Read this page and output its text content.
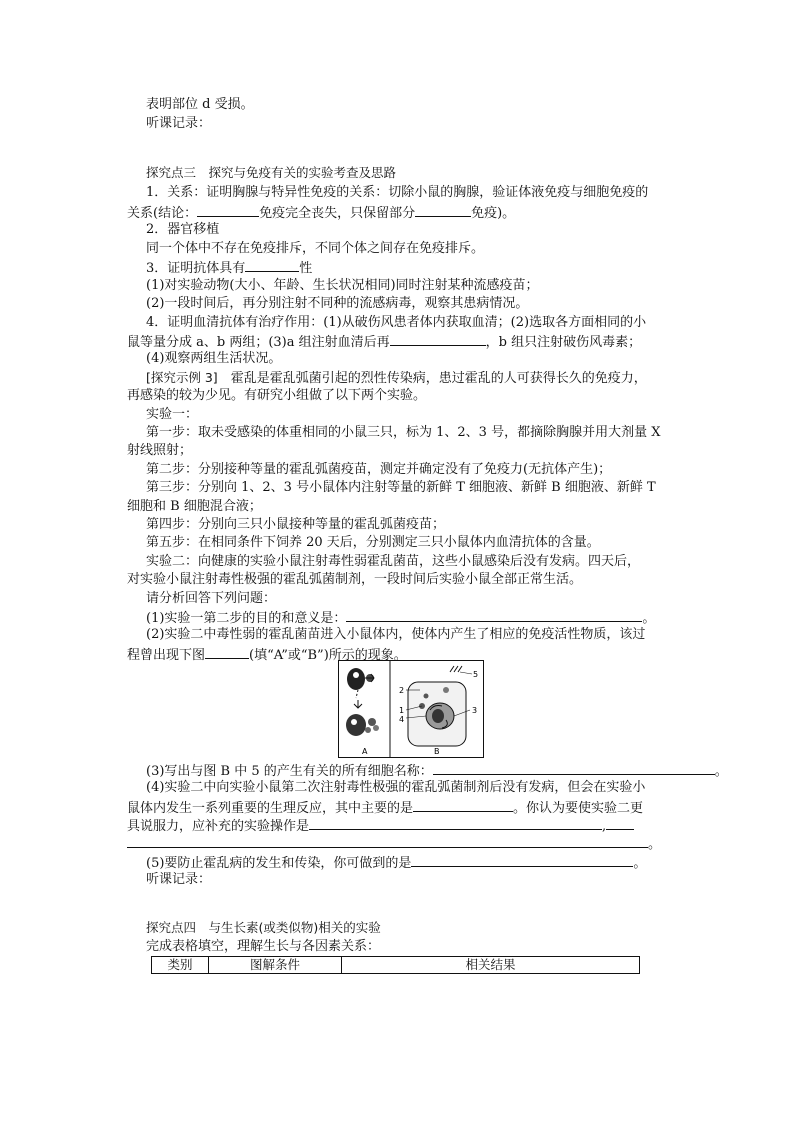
表明部位 d 受损。
听课记录：
探究点三　探究与免疫有关的实验考查及思路
1．关系：证明胸腺与特异性免疫的关系：切除小鼠的胸腺，验证体液免疫与细胞免疫的
关系(结论：	免疫完全丧失，只保留部分	免疫)。
2．器官移植
同一个体中不存在免疫排斥，不同个体之间存在免疫排斥。
3．证明抗体具有	性
(1)对实验动物(大小、年龄、生长状况相同)同时注射某种流感疫苗；
(2)一段时间后，再分别注射不同种的流感病毒，观察其患病情况。
4．证明血清抗体有治疗作用：(1)从破伤风患者体内获取血清；(2)选取各方面相同的小
鼠等量分成 a、b 两组；(3)a 组注射血清后再	，b 组只注射破伤风毒素；
(4)观察两组生活状况。
[探究示例 3]　霍乱是霍乱弧菌引起的烈性传染病，患过霍乱的人可获得长久的免疫力，
再感染的较为少见。有研究小组做了以下两个实验。
实验一：
第一步：取未受感染的体重相同的小鼠三只，标为 1、2、3 号，都摘除胸腺并用大剂量 X
射线照射；
第二步：分别接种等量的霍乱弧菌疫苗，测定并确定没有了免疫力(无抗体产生)；
第三步：分别向 1、2、3 号小鼠体内注射等量的新鲜 T 细胞液、新鲜 B 细胞液、新鲜 T
细胞和 B 细胞混合液；
第四步：分别向三只小鼠接种等量的霍乱弧菌疫苗；
第五步：在相同条件下饲养 20 天后，分别测定三只小鼠体内血清抗体的含量。
实验二：向健康的实验小鼠注射毒性弱霍乱菌苗，这些小鼠感染后没有发病。四天后，
对实验小鼠注射毒性极强的霍乱弧菌制剂，一段时间后实验小鼠全部正常生活。
请分析回答下列问题：
(1)实验一第二步的目的和意义是：	。
(2)实验二中毒性弱的霍乱菌苗进入小鼠体内，使体内产生了相应的免疫活性物质，该过
程曾出现下图	(填“A”或“B”)所示的现象。
A
2
1
4
3
5
B
(3)写出与图 B 中 5 的产生有关的所有细胞名称：	。
(4)实验二中向实验小鼠第二次注射毒性极强的霍乱弧菌制剂后没有发病，但会在实验小
鼠体内发生一系列重要的生理反应，其中主要的是	。你认为要使实验二更
具说服力，应补充的实验操作是	,
。
(5)要防止霍乱病的发生和传染，你可做到的是	。
听课记录：
探究点四　与生长素(或类似物)相关的实验
完成表格填空，理解生长与各因素关系：
类别	图解条件	相关结果
